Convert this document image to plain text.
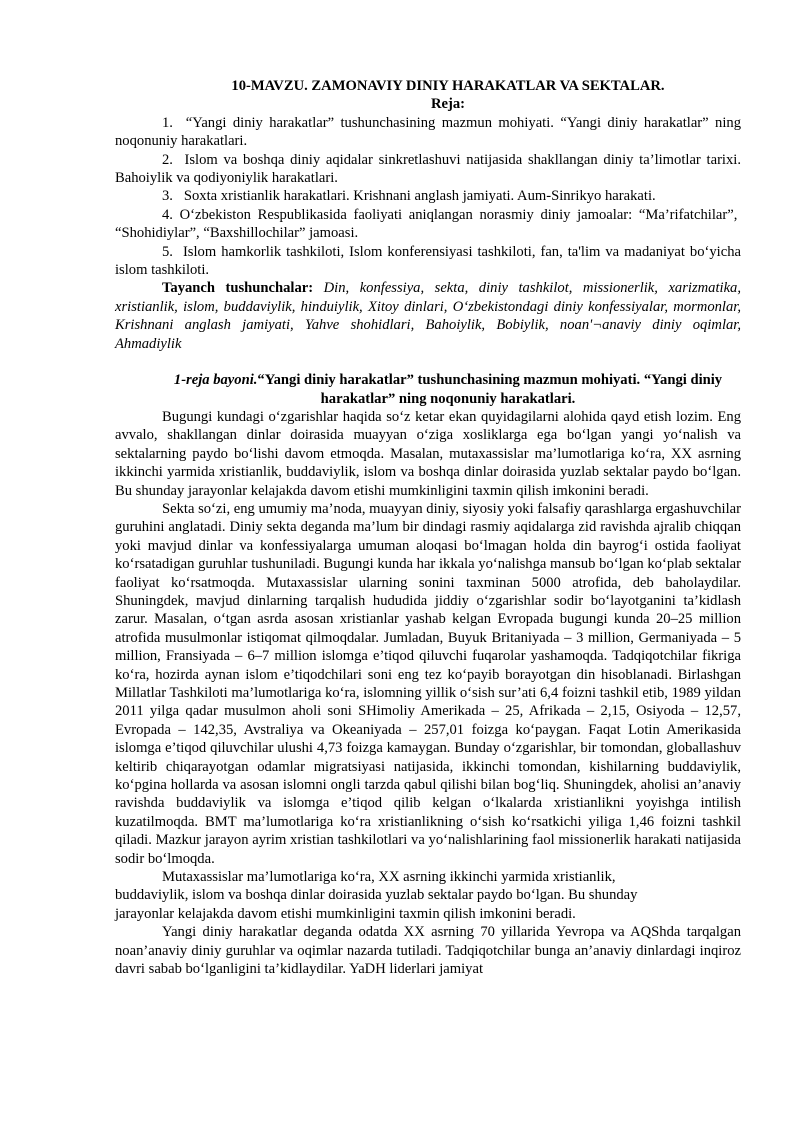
10-MAVZU. ZAMONAVIY DINIY HARAKATLAR VA SEKTALAR.

Reja:

1.  “Yangi diniy harakatlar” tushunchasining mazmun mohiyati. “Yangi diniy harakatlar” ning noqonuniy harakatlari.

2.  Islom va boshqa diniy aqidalar sinkretlashuvi natijasida shakllangan diniy ta’limotlar tarixi. Bahoiylik va qodiyoniylik harakatlari.

3.   Soxta xristianlik harakatlari. Krishnani anglash jamiyati. Aum-Sinrikyo harakati.

4. O‘zbekiston Respublikasida faoliyati aniqlangan norasmiy diniy jamoalar: “Ma’rifatchilar”,  “Shohidiylar”, “Baxshillochilar” jamoasi.

5.  Islom hamkorlik tashkiloti, Islom konferensiyasi tashkiloti, fan, ta'lim va madaniyat bo‘yicha islom tashkiloti.

Tayanch tushunchalar: Din, konfessiya, sekta, diniy tashkilot, missionerlik, xarizmatika, xristianlik, islom, buddaviylik, hinduiylik, Xitoy dinlari, O‘zbekistondagi diniy konfessiyalar, mormonlar, Krishnani anglash jamiyati, Yahve shohidlari, Bahoiylik, Bobiylik, noan'¬anaviy diniy oqimlar, Ahmadiylik

1-reja bayoni.“Yangi diniy harakatlar” tushunchasining mazmun mohiyati. “Yangi diniy harakatlar” ning noqonuniy harakatlari.

Bugungi kundagi o‘zgarishlar haqida so‘z ketar ekan quyidagilarni alohida qayd etish lozim. Eng avvalo, shakllangan dinlar doirasida muayyan o‘ziga xosliklarga ega bo‘lgan yangi yo‘nalish va sektalarning paydo bo‘lishi davom etmoqda. Masalan, mutaxassislar ma’lumotlariga ko‘ra, XX asrning ikkinchi yarmida xristianlik, buddaviylik, islom va boshqa dinlar doirasida yuzlab sektalar paydo bo‘lgan. Bu shunday jarayonlar kelajakda davom etishi mumkinligini taxmin qilish imkonini beradi.

Sekta so‘zi, eng umumiy ma’noda, muayyan diniy, siyosiy yoki falsafiy qarashlarga ergashuvchilar guruhini anglatadi. Diniy sekta deganda ma’lum bir dindagi rasmiy aqidalarga zid ravishda ajralib chiqqan yoki mavjud dinlar va konfessiyalarga umuman aloqasi bo‘lmagan holda din bayrog‘i ostida faoliyat ko‘rsatadigan guruhlar tushuniladi. Bugungi kunda har ikkala yo‘nalishga mansub bo‘lgan ko‘plab sektalar faoliyat ko‘rsatmoqda. Mutaxassislar ularning sonini taxminan 5000 atrofida, deb baholaydilar. Shuningdek, mavjud dinlarning tarqalish hududida jiddiy o‘zgarishlar sodir bo‘layotganini ta’kidlash zarur. Masalan, o‘tgan asrda asosan xristianlar yashab kelgan Evropada bugungi kunda 20–25 million atrofida musulmonlar istiqomat qilmoqdalar. Jumladan, Buyuk Britaniyada – 3 million, Germaniyada – 5 million, Fransiyada – 6–7 million islomga e’tiqod qiluvchi fuqarolar yashamoqda. Tadqiqotchilar fikriga ko‘ra, hozirda aynan islom e’tiqodchilari soni eng tez ko‘payib borayotgan din hisoblanadi. Birlashgan Millatlar Tashkiloti ma’lumotlariga ko‘ra, islomning yillik o‘sish sur’ati 6,4 foizni tashkil etib, 1989 yildan 2011 yilga qadar musulmon aholi soni SHimoliy Amerikada – 25, Afrikada – 2,15, Osiyoda – 12,57, Evropada – 142,35, Avstraliya va Okeaniyada – 257,01 foizga ko‘paygan. Faqat Lotin Amerikasida islomga e’tiqod qiluvchilar ulushi 4,73 foizga kamaygan. Bunday o‘zgarishlar, bir tomondan, globallashuv keltirib chiqarayotgan odamlar migratsiyasi natijasida, ikkinchi tomondan, kishilarning buddaviylik, ko‘pgina hollarda va asosan islomni ongli tarzda qabul qilishi bilan bog‘liq. Shuningdek, aholisi an’anaviy ravishda buddaviylik va islomga e’tiqod qilib kelgan o‘lkalarda xristianlikni yoyishga intilish kuzatilmoqda. BMT ma’lumotlariga ko‘ra xristianlikning o‘sish ko‘rsatkichi yiliga 1,46 foizni tashkil qiladi. Mazkur jarayon ayrim xristian tashkilotlari va yo‘nalishlarining faol missionerlik harakati natijasida sodir bo‘lmoqda.

Mutaxassislar ma’lumotlariga ko‘ra, XX asrning ikkinchi yarmida xristianlik,

buddaviylik, islom va boshqa dinlar doirasida yuzlab sektalar paydo bo‘lgan. Bu shunday

jarayonlar kelajakda davom etishi mumkinligini taxmin qilish imkonini beradi.

Yangi diniy harakatlar deganda odatda XX asrning 70 yillarida Yevropa va AQShda tarqalgan noan’anaviy diniy guruhlar va oqimlar nazarda tutiladi. Tadqiqotchilar bunga an’anaviy dinlardagi inqiroz davri sabab bo‘lganligini ta’kidlaydilar. YaDH liderlari jamiyat
